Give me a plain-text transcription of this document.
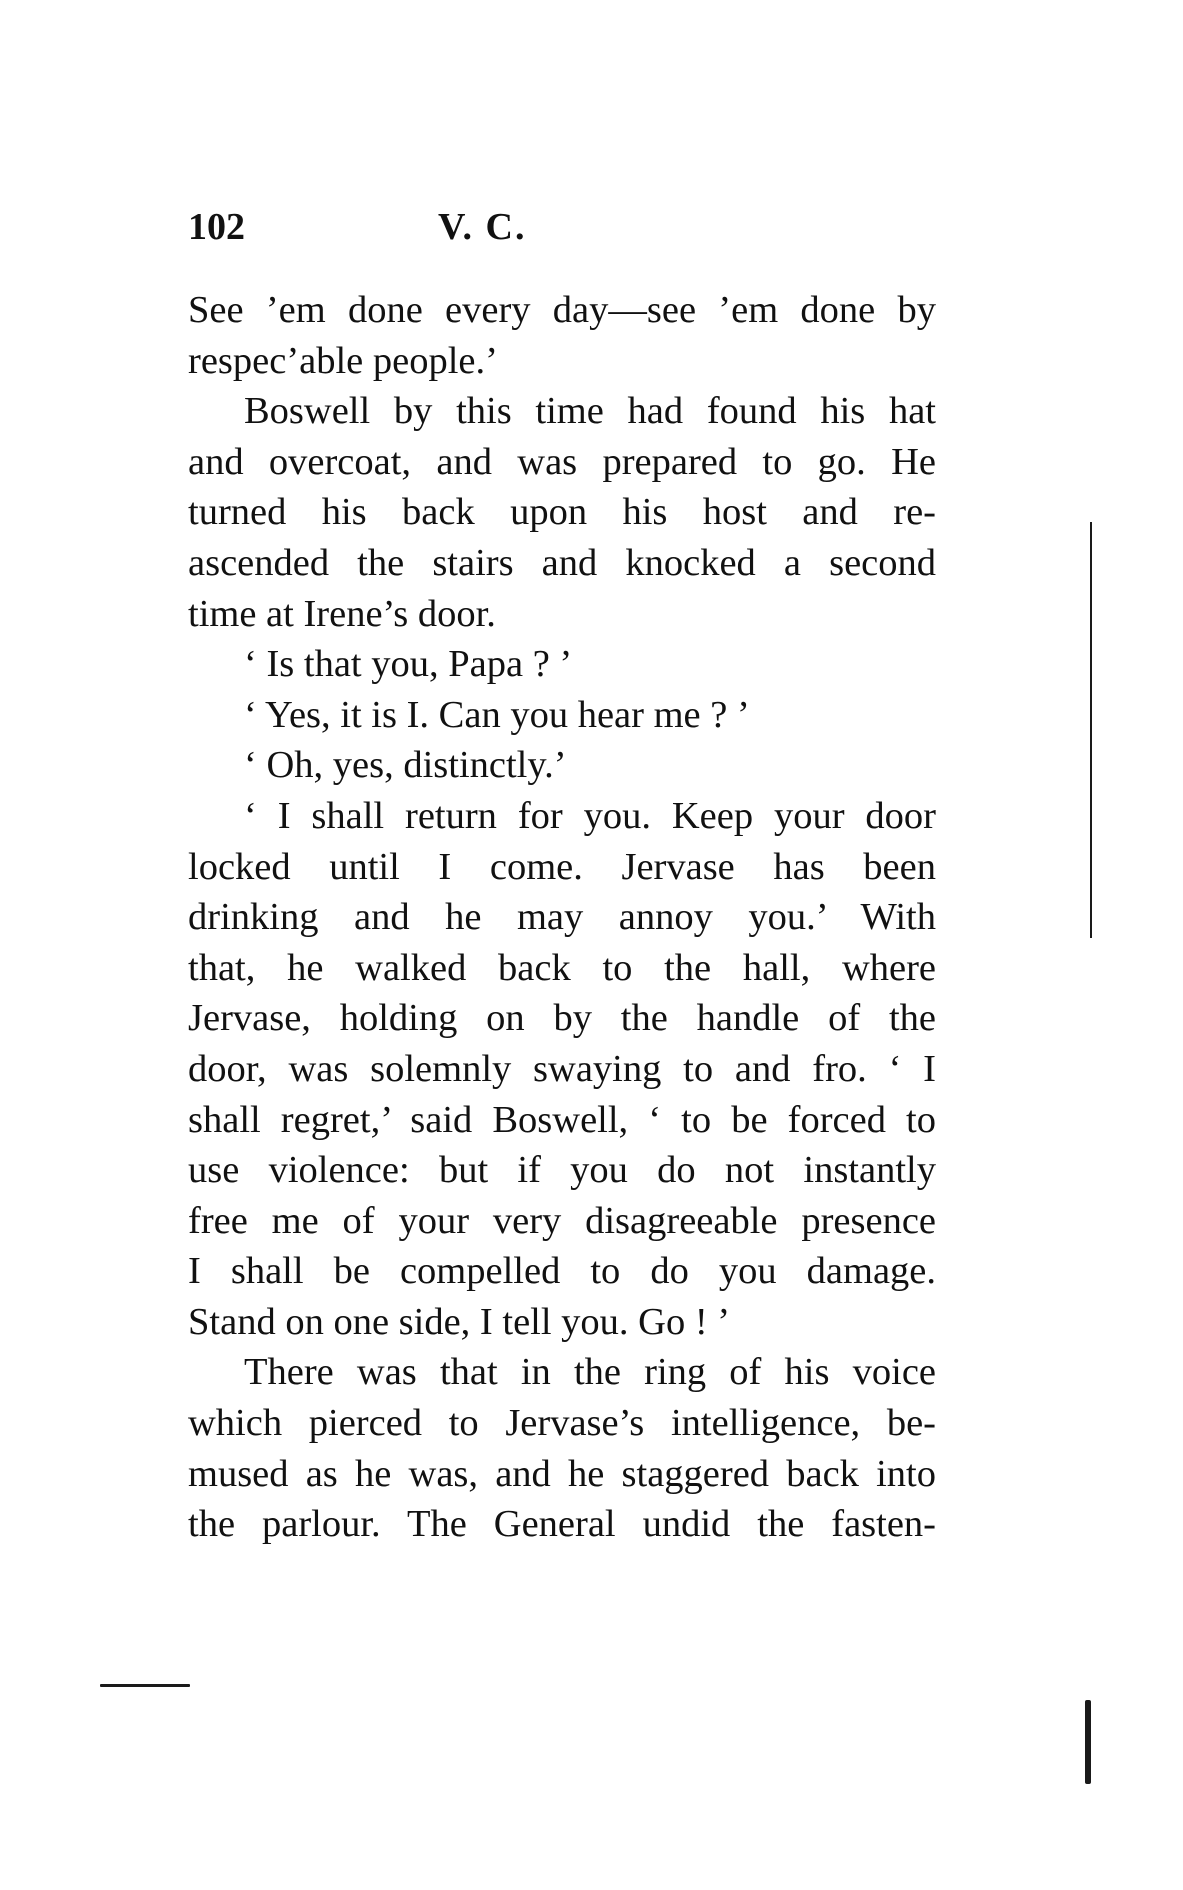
102	V. C.
See ’em done every day—see ’em done by
respec’able people.’
Boswell by this time had found his hat
and overcoat, and was prepared to go. He
turned his back upon his host and re-
ascended the stairs and knocked a second
time at Irene’s door.
‘ Is that you, Papa ? ’
‘ Yes, it is I. Can you hear me ? ’
‘ Oh, yes, distinctly.’
‘ I shall return for you. Keep your door
locked until I come. Jervase has been
drinking and he may annoy you.’ With
that, he walked back to the hall, where
Jervase, holding on by the handle of the
door, was solemnly swaying to and fro. ‘ I
shall regret,’ said Boswell, ‘ to be forced to
use violence: but if you do not instantly
free me of your very disagreeable presence
I shall be compelled to do you damage.
Stand on one side, I tell you. Go ! ’
There was that in the ring of his voice
which pierced to Jervase’s intelligence, be-
mused as he was, and he staggered back into
the parlour. The General undid the fasten-
